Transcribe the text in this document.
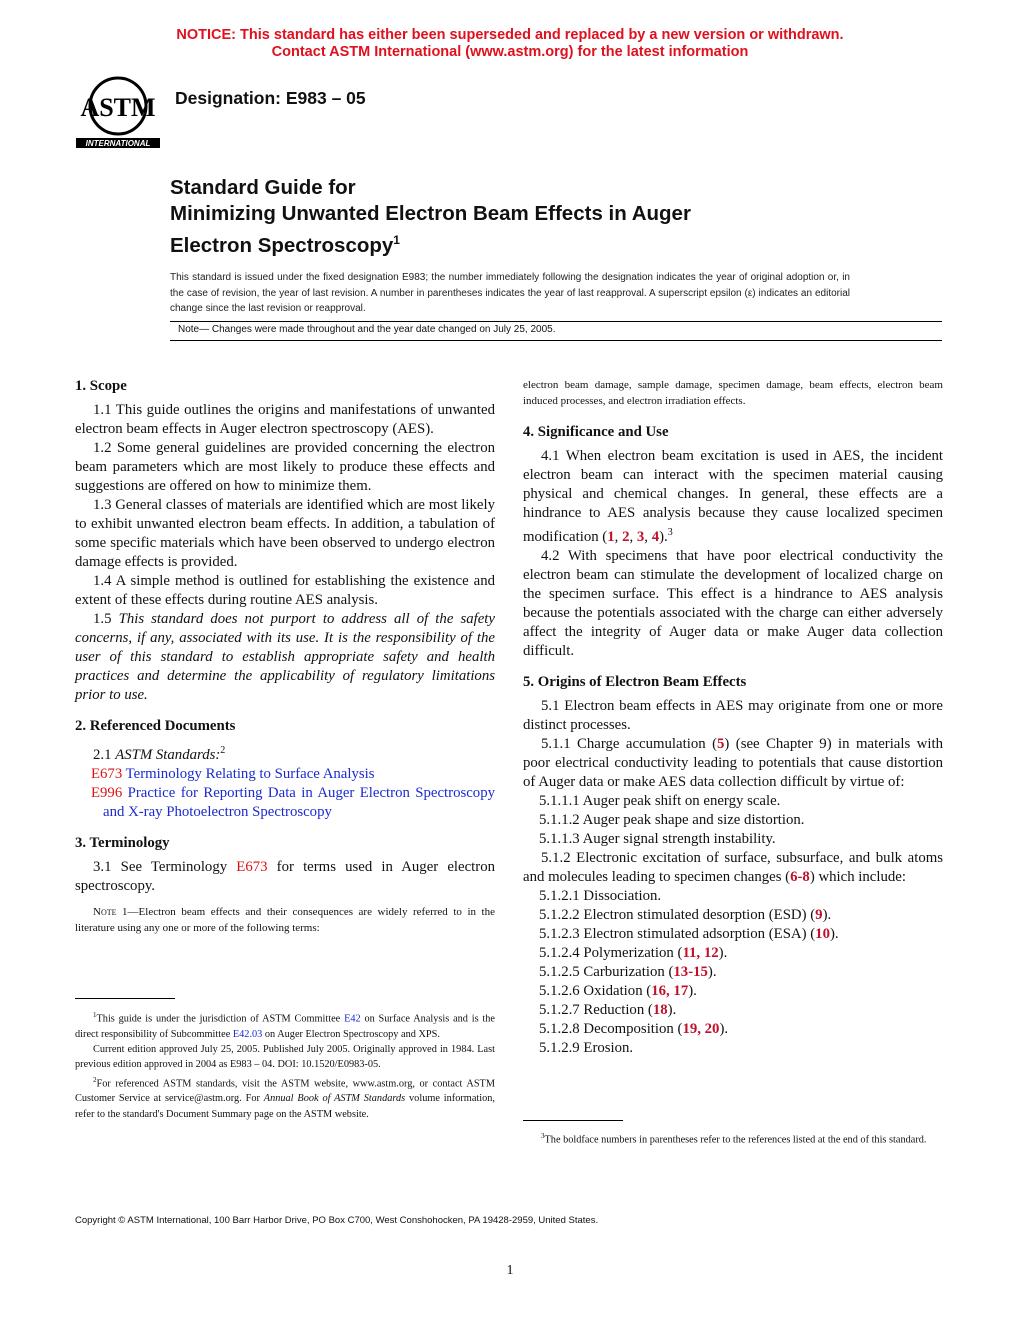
NOTICE: This standard has either been superseded and replaced by a new version or withdrawn.
Contact ASTM International (www.astm.org) for the latest information
ASTM
INTERNATIONAL
Designation: E983 – 05
Standard Guide for
Minimizing Unwanted Electron Beam Effects in Auger
Electron Spectroscopy$^1$
This standard is issued under the fixed designation E983; the number immediately following the designation indicates the year of original adoption or, in the case of revision, the year of last revision. A number in parentheses indicates the year of last reapproval. A superscript epsilon (ε) indicates an editorial change since the last revision or reapproval.
Note— Changes were made throughout and the year date changed on July 25, 2005.
1. Scope

1.1 This guide outlines the origins and manifestations of unwanted electron beam effects in Auger electron spectroscopy (AES).

1.2 Some general guidelines are provided concerning the electron beam parameters which are most likely to produce these effects and suggestions are offered on how to minimize them.

1.3 General classes of materials are identified which are most likely to exhibit unwanted electron beam effects. In addition, a tabulation of some specific materials which have been observed to undergo electron damage effects is provided.

1.4 A simple method is outlined for establishing the existence and extent of these effects during routine AES analysis.

1.5 This standard does not purport to address all of the safety concerns, if any, associated with its use. It is the responsibility of the user of this standard to establish appropriate safety and health practices and determine the applicability of regulatory limitations prior to use.

2. Referenced Documents

2.1 ASTM Standards:$^2$

E673 Terminology Relating to Surface Analysis

E996 Practice for Reporting Data in Auger Electron Spectroscopy and X-ray Photoelectron Spectroscopy

3. Terminology

3.1 See Terminology E673 for terms used in Auger electron spectroscopy.

Note 1—Electron beam effects and their consequences are widely referred to in the literature using any one or more of the following terms:

$^1$This guide is under the jurisdiction of ASTM Committee E42 on Surface Analysis and is the direct responsibility of Subcommittee E42.03 on Auger Electron Spectroscopy and XPS.

Current edition approved July 25, 2005. Published July 2005. Originally approved in 1984. Last previous edition approved in 2004 as E983 – 04. DOI: 10.1520/E0983-05.

$^2$For referenced ASTM standards, visit the ASTM website, www.astm.org, or contact ASTM Customer Service at service@astm.org. For Annual Book of ASTM Standards volume information, refer to the standard's Document Summary page on the ASTM website.

electron beam damage, sample damage, specimen damage, beam effects, electron beam induced processes, and electron irradiation effects.

4. Significance and Use

4.1 When electron beam excitation is used in AES, the incident electron beam can interact with the specimen material causing physical and chemical changes. In general, these effects are a hindrance to AES analysis because they cause localized specimen modification (1, 2, 3, 4).$^3$

4.2 With specimens that have poor electrical conductivity the electron beam can stimulate the development of localized charge on the specimen surface. This effect is a hindrance to AES analysis because the potentials associated with the charge can either adversely affect the integrity of Auger data or make Auger data collection difficult.

5. Origins of Electron Beam Effects

5.1 Electron beam effects in AES may originate from one or more distinct processes.

5.1.1 Charge accumulation (5) (see Chapter 9) in materials with poor electrical conductivity leading to potentials that cause distortion of Auger data or make AES data collection difficult by virtue of:

5.1.1.1 Auger peak shift on energy scale.

5.1.1.2 Auger peak shape and size distortion.

5.1.1.3 Auger signal strength instability.

5.1.2 Electronic excitation of surface, subsurface, and bulk atoms and molecules leading to specimen changes (6-8) which include:

5.1.2.1 Dissociation.

5.1.2.2 Electron stimulated desorption (ESD) (9).

5.1.2.3 Electron stimulated adsorption (ESA) (10).

5.1.2.4 Polymerization (11, 12).

5.1.2.5 Carburization (13-15).

5.1.2.6 Oxidation (16, 17).

5.1.2.7 Reduction (18).

5.1.2.8 Decomposition (19, 20).

5.1.2.9 Erosion.

$^3$The boldface numbers in parentheses refer to the references listed at the end of this standard.

Copyright © ASTM International, 100 Barr Harbor Drive, PO Box C700, West Conshohocken, PA 19428-2959, United States.
1
